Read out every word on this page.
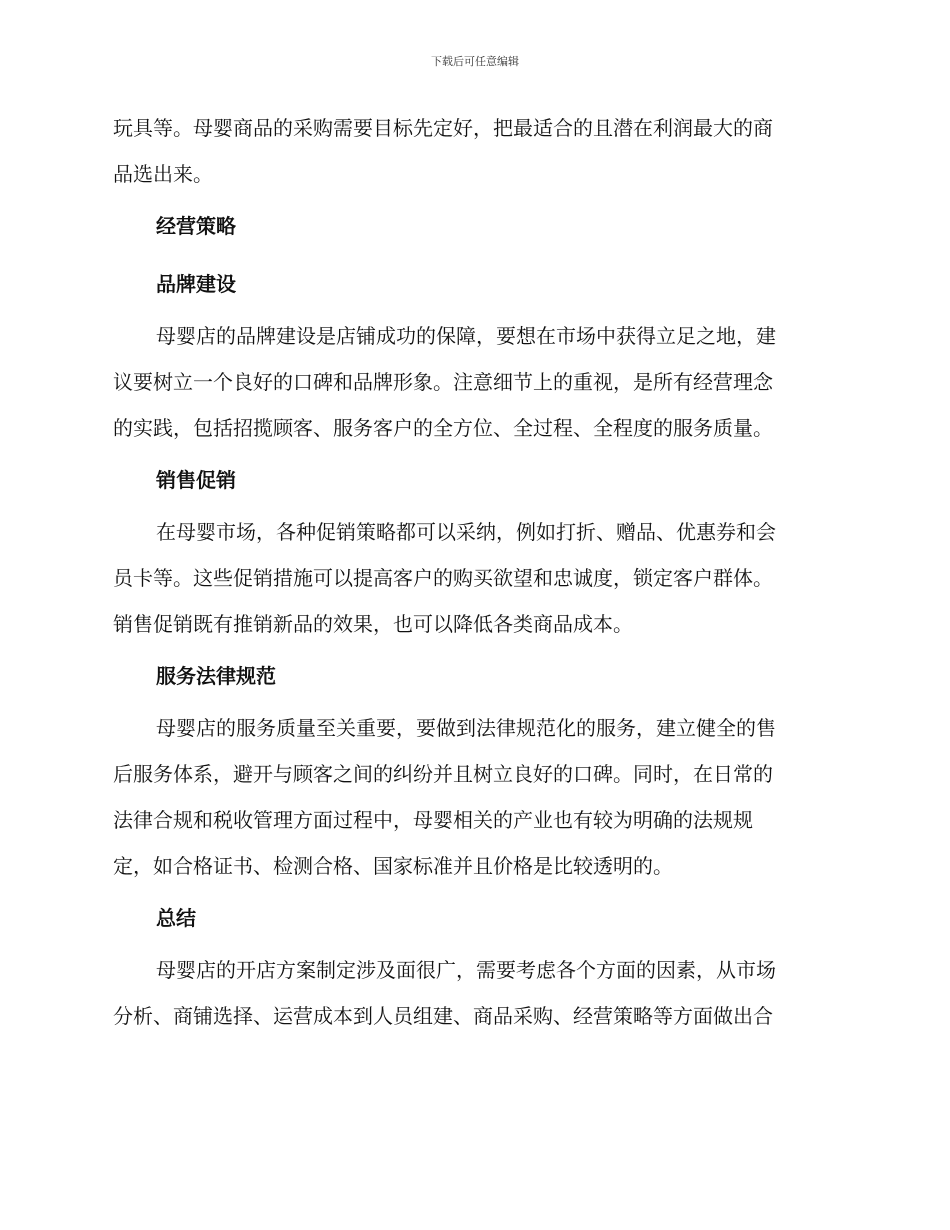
下载后可任意编辑

玩具等。母婴商品的采购需要目标先定好，把最适合的且潜在利润最大的商
品选出来。

经营策略
品牌建设

母婴店的品牌建设是店铺成功的保障，要想在市场中获得立足之地，建
议要树立一个良好的口碑和品牌形象。注意细节上的重视，是所有经营理念
的实践，包括招揽顾客、服务客户的全方位、全过程、全程度的服务质量。

销售促销

在母婴市场，各种促销策略都可以采纳，例如打折、赠品、优惠券和会
员卡等。这些促销措施可以提高客户的购买欲望和忠诚度，锁定客户群体。
销售促销既有推销新品的效果，也可以降低各类商品成本。

服务法律规范

母婴店的服务质量至关重要，要做到法律规范化的服务，建立健全的售
后服务体系，避开与顾客之间的纠纷并且树立良好的口碑。同时，在日常的
法律合规和税收管理方面过程中，母婴相关的产业也有较为明确的法规规
定，如合格证书、检测合格、国家标准并且价格是比较透明的。

总结

母婴店的开店方案制定涉及面很广，需要考虑各个方面的因素，从市场
分析、商铺选择、运营成本到人员组建、商品采购、经营策略等方面做出合
